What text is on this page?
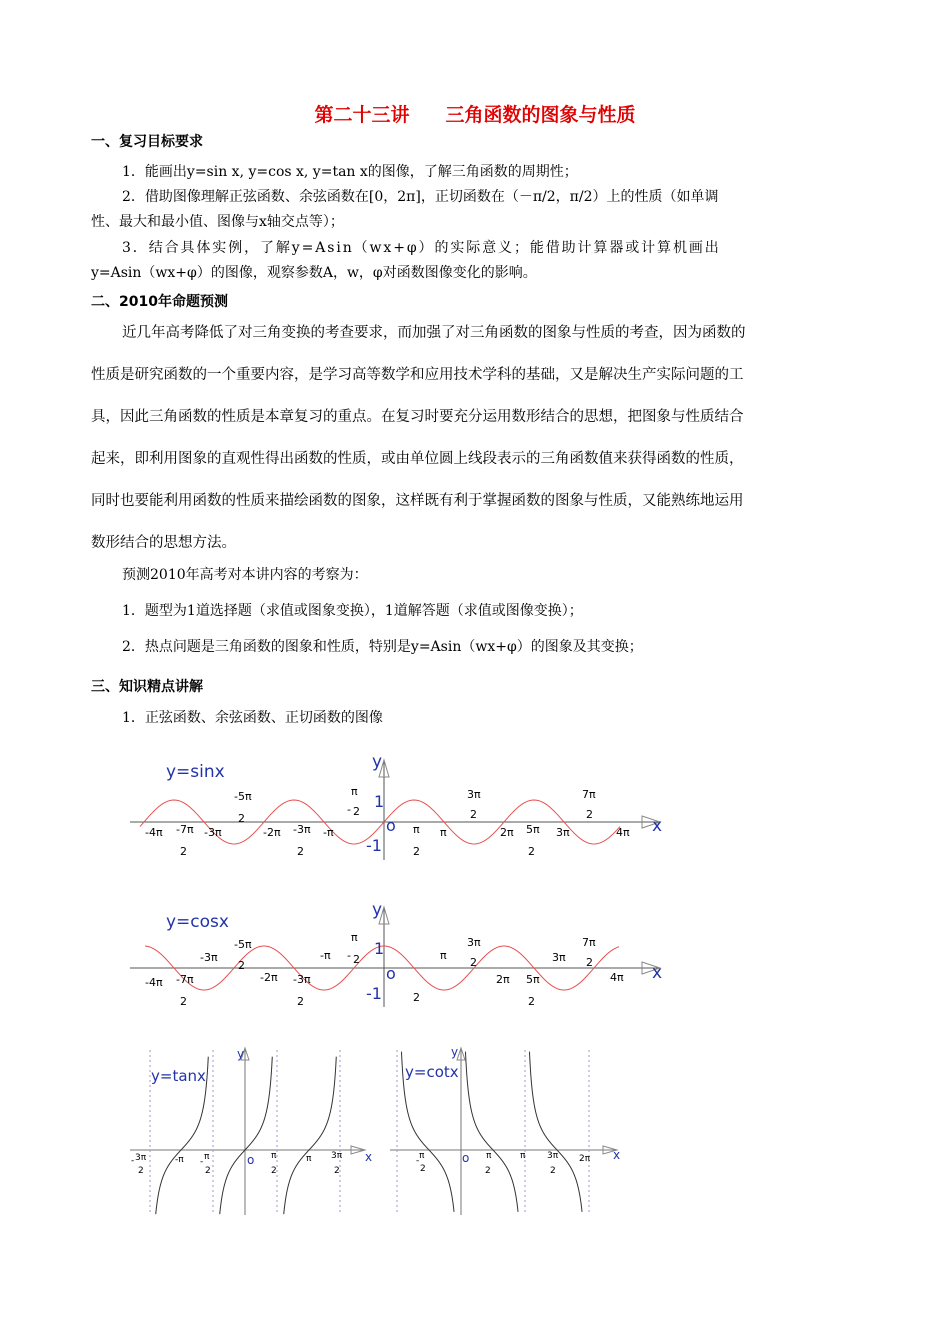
第二十三讲 三角函数的图象与性质
一、复习目标要求
1．能画出y=sin x, y=cos x, y=tan x的图像，了解三角函数的周期性；
2．借助图像理解正弦函数、余弦函数在[0，2π]，正切函数在（－π/2，π/2）上的性质（如单调
性、最大和最小值、图像与x轴交点等）；
3．结合具体实例，了解y=Asin（wx+φ）的实际意义；能借助计算器或计算机画出
y=Asin（wx+φ）的图像，观察参数A，w，φ对函数图像变化的影响。
二、2010年命题预测
近几年高考降低了对三角变换的考查要求，而加强了对三角函数的图象与性质的考查，因为函数的
性质是研究函数的一个重要内容，是学习高等数学和应用技术学科的基础，又是解决生产实际问题的工
具，因此三角函数的性质是本章复习的重点。在复习时要充分运用数形结合的思想，把图象与性质结合
起来，即利用图象的直观性得出函数的性质，或由单位圆上线段表示的三角函数值来获得函数的性质，
同时也要能利用函数的性质来描绘函数的图象，这样既有利于掌握函数的图象与性质，又能熟练地运用
数形结合的思想方法。
预测2010年高考对本讲内容的考察为：
1．题型为1道选择题（求值或图象变换），1道解答题（求值或图像变换）；
2．热点问题是三角函数的图象和性质，特别是y=Asin（wx+φ）的图象及其变换；
三、知识精点讲解
1．正弦函数、余弦函数、正切函数的图像
y=sinx	y
x
o
1
-1
-4π -7π
2
-3π
-5π
2
-2π -3π
2
-π
π
- 2
π
2
π
3π
2
2π 5π
2
3π
7π
2
4π
y=cosx
y
x
o
1
-1
-4π -7π
2
-3π
-5π
2
-2π -3π
2
-π
π
- 2
2
π
3π
2
2π 5π
2
3π
7π
2
4π
y=tanx
y
x
o
3π
-
2
-π π
-
2
π
2
π 3π
2
y=cotx
y
x
o
π
-
2
π
2
π 3π
2
2π
